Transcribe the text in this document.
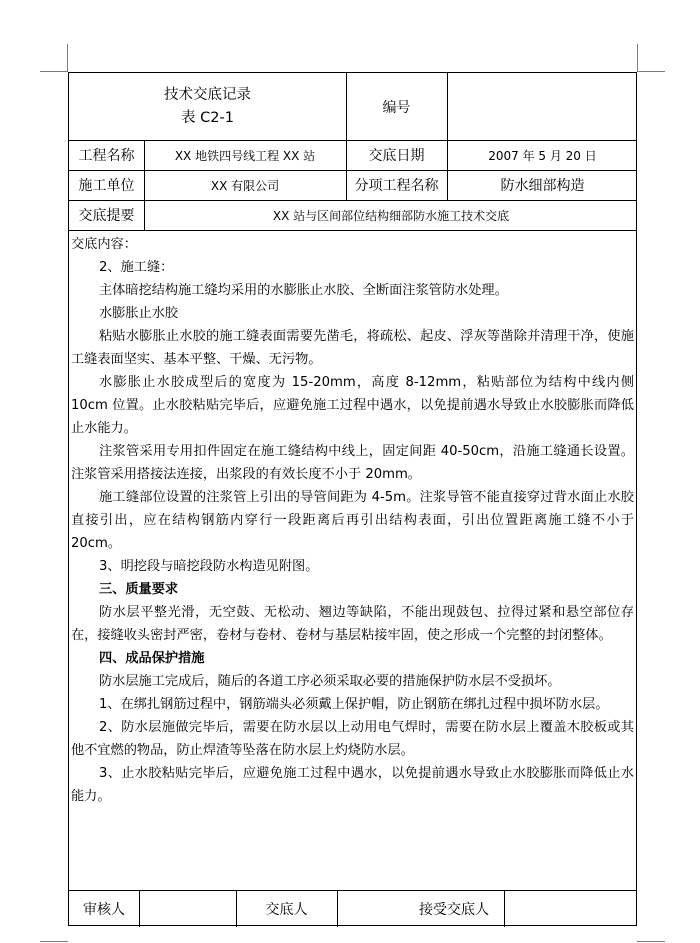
技术交底记录
表 C2-1
编号
工程名称	XX 地铁四号线工程 XX 站	交底日期	2007 年 5 月 20 日
施工单位	XX 有限公司	分项工程名称	防水细部构造
交底提要	XX 站与区间部位结构细部防水施工技术交底

交底内容：

2、施工缝：

主体暗挖结构施工缝均采用的水膨胀止水胶、全断面注浆管防水处理。

水膨胀止水胶

粘贴水膨胀止水胶的施工缝表面需要先凿毛，将疏松、起皮、浮灰等凿除并清理干净，使施工缝表面坚实、基本平整、干燥、无污物。

水膨胀止水胶成型后的宽度为 15-20mm，高度 8-12mm，粘贴部位为结构中线内侧 10cm 位置。止水胶粘贴完毕后，应避免施工过程中遇水，以免提前遇水导致止水胶膨胀而降低止水能力。

注浆管采用专用扣件固定在施工缝结构中线上，固定间距 40-50cm，沿施工缝通长设置。注浆管采用搭接法连接，出浆段的有效长度不小于 20mm。

施工缝部位设置的注浆管上引出的导管间距为 4-5m。注浆导管不能直接穿过背水面止水胶直接引出，应在结构钢筋内穿行一段距离后再引出结构表面，引出位置距离施工缝不小于 20cm。

3、明挖段与暗挖段防水构造见附图。

三、质量要求

防水层平整光滑，无空鼓、无松动、翘边等缺陷，不能出现鼓包、拉得过紧和悬空部位存在，接缝收头密封严密，卷材与卷材、卷材与基层粘接牢固，使之形成一个完整的封闭整体。

四、成品保护措施

防水层施工完成后，随后的各道工序必须采取必要的措施保护防水层不受损坏。

1、在绑扎钢筋过程中，钢筋端头必须戴上保护帽，防止钢筋在绑扎过程中损坏防水层。

2、防水层施做完毕后，需要在防水层以上动用电气焊时，需要在防水层上覆盖木胶板或其他不宜燃的物品，防止焊渣等坠落在防水层上灼烧防水层。

3、止水胶粘贴完毕后，应避免施工过程中遇水，以免提前遇水导致止水胶膨胀而降低止水能力。

审核人	交底人	接受交底人
